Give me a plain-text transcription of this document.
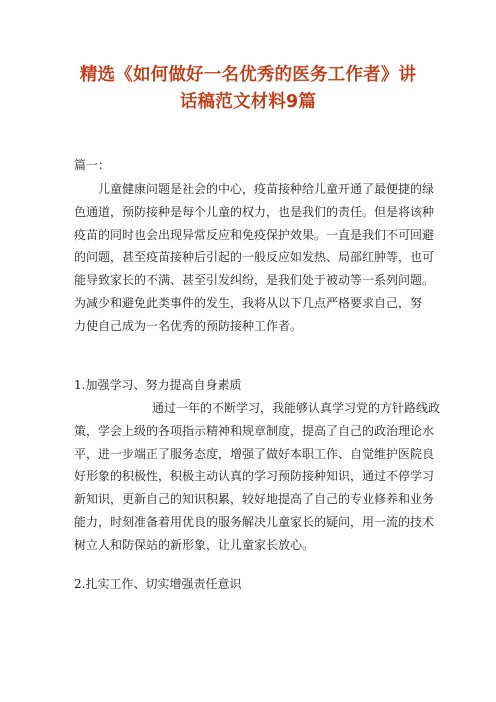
精选《如何做好一名优秀的医务工作者》讲
话稿范文材料9篇
篇一：
儿童健康问题是社会的中心，疫苗接种给儿童开通了最便捷的绿
色通道，预防接种是每个儿童的权力，也是我们的责任。但是将该种
疫苗的同时也会出现异常反应和免疫保护效果。一直是我们不可回避
的问题，甚至疫苗接种后引起的一般反应如发热、局部红肿等，也可
能导致家长的不满、甚至引发纠纷，是我们处于被动等一系列问题。
为减少和避免此类事件的发生，我将从以下几点严格要求自己，努
力使自己成为一名优秀的预防接种工作者。
1.加强学习、努力提高自身素质
通过一年的不断学习，我能够认真学习党的方针路线政
策，学会上级的各项指示精神和规章制度，提高了自己的政治理论水
平，进一步端正了服务态度，增强了做好本职工作、自觉维护医院良
好形象的积极性，积极主动认真的学习预防接种知识，通过不停学习
新知识，更新自己的知识积累，较好地提高了自己的专业修养和业务
能力，时刻准备着用优良的服务解决儿童家长的疑问，用一流的技术
树立人和防保站的新形象，让儿童家长放心。
2.扎实工作、切实增强责任意识
